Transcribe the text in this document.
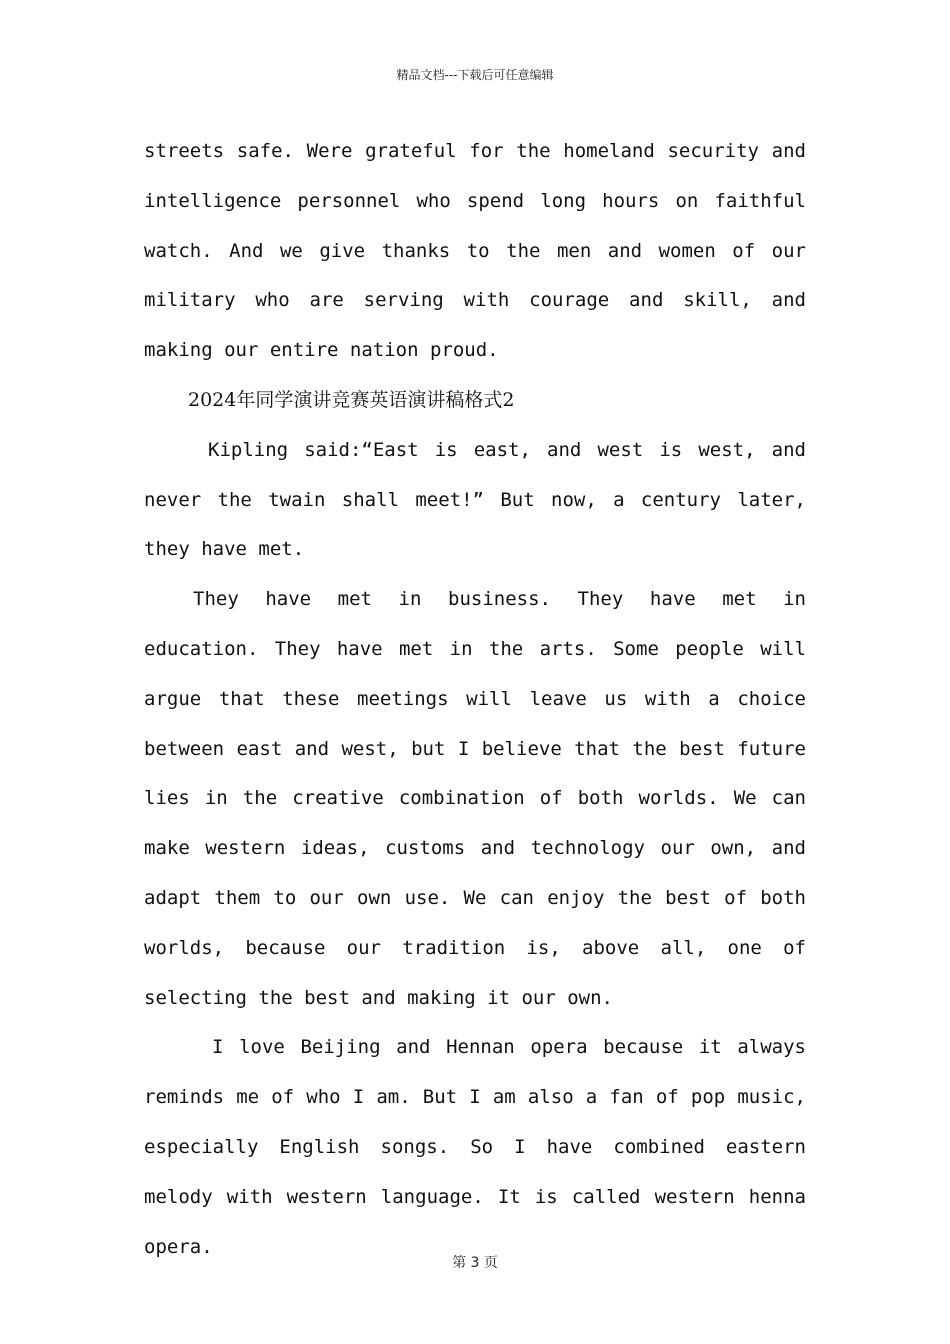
精品文档---下载后可任意编辑

streets safe. Were grateful for the homeland security and intelligence personnel who spend long hours on faithful watch. And we give thanks to the men and women of our military who are serving with courage and skill, and making our entire nation proud.

2024年同学演讲竞赛英语演讲稿格式2

Kipling said:“East is east, and west is west, and never the twain shall meet!” But now, a century later, they have met.

They have met in business. They have met in education. They have met in the arts. Some people will argue that these meetings will leave us with a choice between east and west, but I believe that the best future lies in the creative combination of both worlds. We can make western ideas, customs and technology our own, and adapt them to our own use. We can enjoy the best of both worlds, because our tradition is, above all, one of selecting the best and making it our own.

I love Beijing and Hennan opera because it always reminds me of who I am. But I am also a fan of pop music, especially English songs. So I have combined eastern melody with western language. It is called western henna opera.

第 3 页
